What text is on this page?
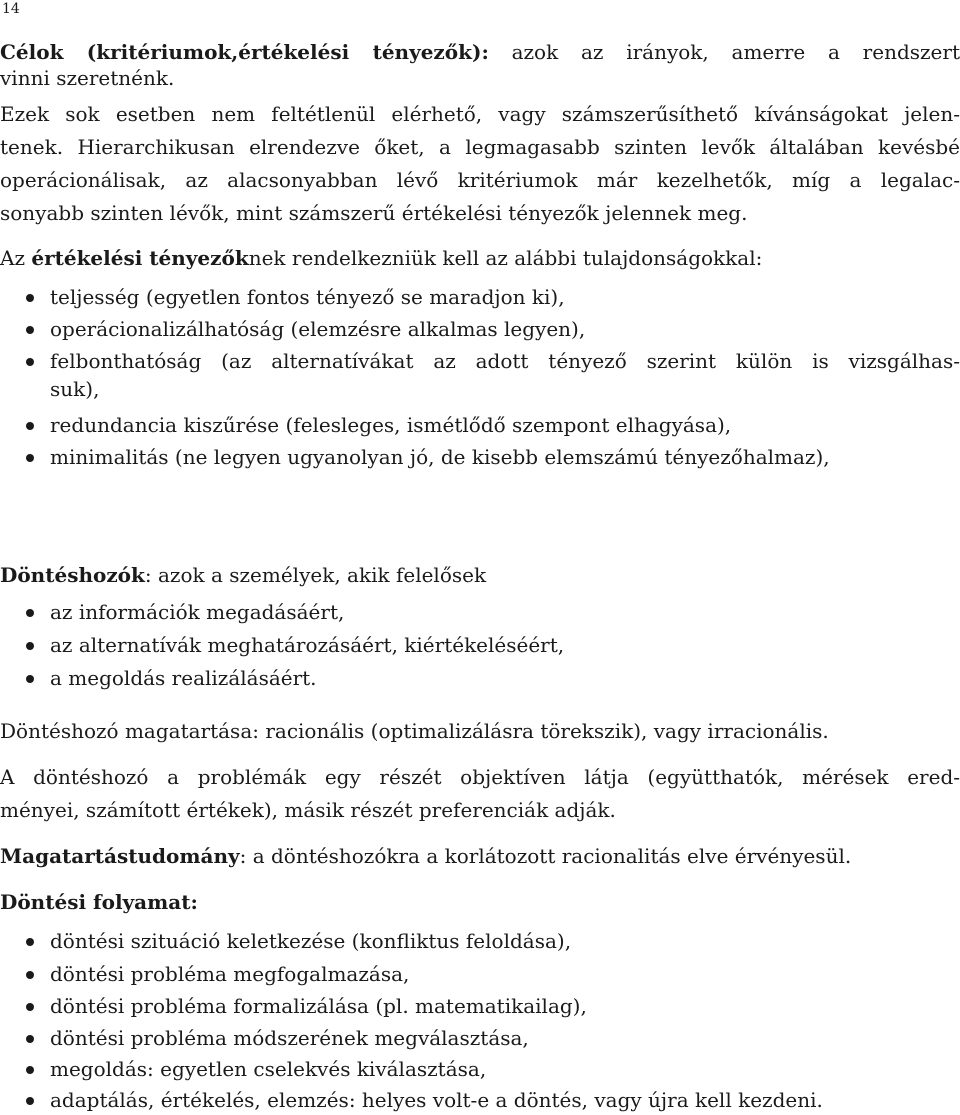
14
Célok (kritériumok,értékelési tényezők): azok az irányok, amerre a rendszert
vinni szeretnénk.
Ezek sok esetben nem feltétlenül elérhető, vagy számszerűsíthető kívánságokat jelen-
tenek. Hierarchikusan elrendezve őket, a legmagasabb szinten levők általában kevésbé
operácionálisak, az alacsonyabban lévő kritériumok már kezelhetők, míg a legalac-
sonyabb szinten lévők, mint számszerű értékelési tényezők jelennek meg.
Az értékelési tényezőknek rendelkezniük kell az alábbi tulajdonságokkal:
teljesség (egyetlen fontos tényező se maradjon ki),
operácionalizálhatóság (elemzésre alkalmas legyen),
felbonthatóság (az alternatívákat az adott tényező szerint külön is vizsgálhas-
suk),
redundancia kiszűrése (felesleges, ismétlődő szempont elhagyása),
minimalitás (ne legyen ugyanolyan jó, de kisebb elemszámú tényezőhalmaz),
Döntéshozók: azok a személyek, akik felelősek
az információk megadásáért,
az alternatívák meghatározásáért, kiértékeléséért,
a megoldás realizálásáért.
Döntéshozó magatartása: racionális (optimalizálásra törekszik), vagy irracionális.
A döntéshozó a problémák egy részét objektíven látja (együtthatók, mérések ered-
ményei, számított értékek), másik részét preferenciák adják.
Magatartástudomány: a döntéshozókra a korlátozott racionalitás elve érvényesül.
Döntési folyamat:
döntési szituáció keletkezése (konfliktus feloldása),
döntési probléma megfogalmazása,
döntési probléma formalizálása (pl. matematikailag),
döntési probléma módszerének megválasztása,
megoldás: egyetlen cselekvés kiválasztása,
adaptálás, értékelés, elemzés: helyes volt-e a döntés, vagy újra kell kezdeni.
